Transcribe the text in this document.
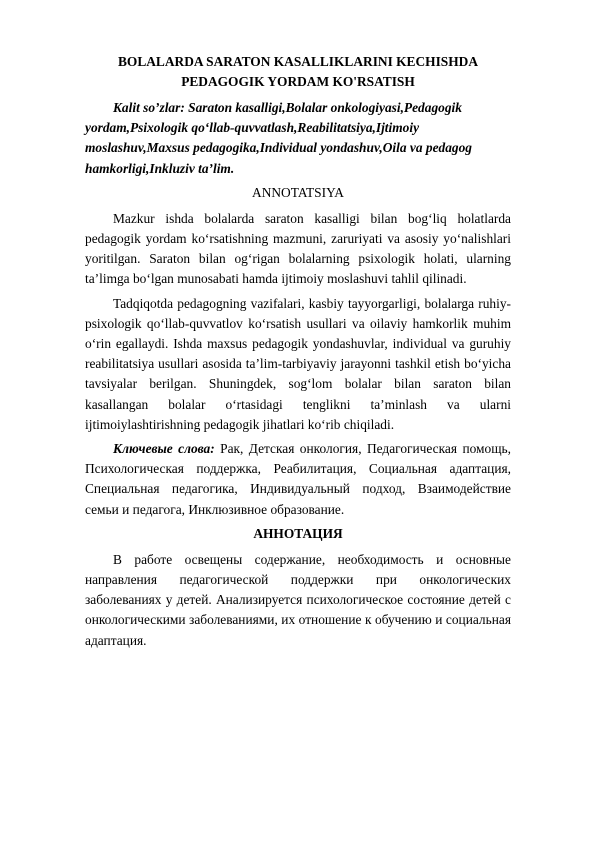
BOLALARDA SARATON KASALLIKLARINI KECHISHDA
PEDAGOGIK YORDAM KO'RSATISH

Kalit so’zlar: Saraton kasalligi,Bolalar onkologiyasi,Pedagogik yordam,Psixologik qo‘llab-quvvatlash,Reabilitatsiya,Ijtimoiy moslashuv,Maxsus pedagogika,Individual yondashuv,Oila va pedagog hamkorligi,Inkluziv ta’lim.

ANNOTATSIYA

Mazkur ishda bolalarda saraton kasalligi bilan bog‘liq holatlarda pedagogik yordam ko‘rsatishning mazmuni, zaruriyati va asosiy yo‘nalishlari yoritilgan. Saraton bilan og‘rigan bolalarning psixologik holati, ularning ta’limga bo‘lgan munosabati hamda ijtimoiy moslashuvi tahlil qilinadi.

Tadqiqotda pedagogning vazifalari, kasbiy tayyorgarligi, bolalarga ruhiy-psixologik qo‘llab-quvvatlov ko‘rsatish usullari va oilaviy hamkorlik muhim o‘rin egallaydi. Ishda maxsus pedagogik yondashuvlar, individual va guruhiy reabilitatsiya usullari asosida ta’lim-tarbiyaviy jarayonni tashkil etish bo‘yicha tavsiyalar berilgan. Shuningdek, sog‘lom bolalar bilan saraton bilan kasallangan bolalar o‘rtasidagi tenglikni ta’minlash va ularni ijtimoiylashtirishning pedagogik jihatlari ko‘rib chiqiladi.

Ключевые слова: Рак, Детская онкология, Педагогическая помощь, Психологическая поддержка, Реабилитация, Социальная адаптация, Специальная педагогика, Индивидуальный подход, Взаимодействие семьи и педагога, Инклюзивное образование.

АННОТАЦИЯ

В работе освещены содержание, необходимость и основные направления педагогической поддержки при онкологических заболеваниях у детей. Анализируется психологическое состояние детей с онкологическими заболеваниями, их отношение к обучению и социальная адаптация.
